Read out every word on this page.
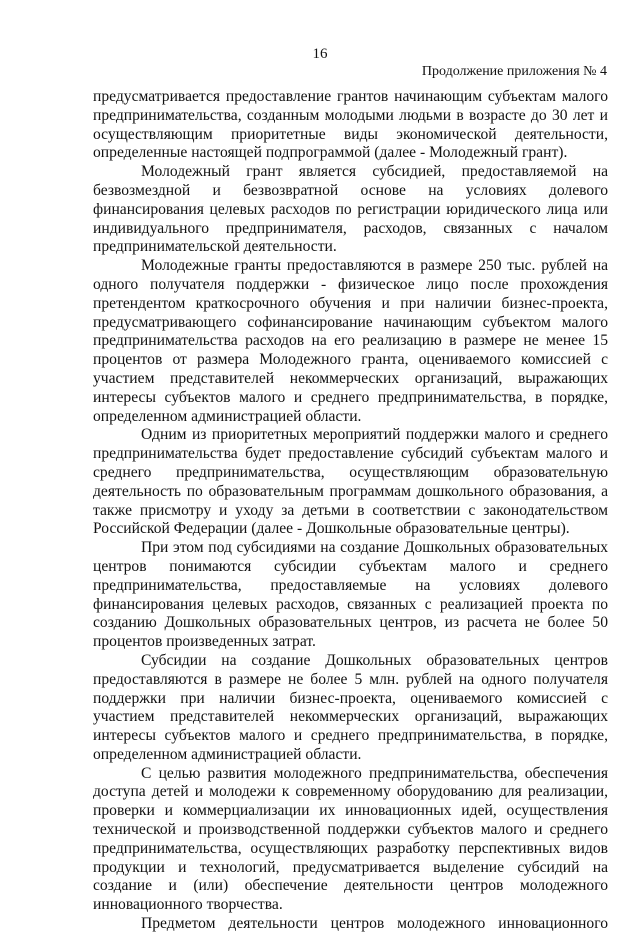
16
Продолжение приложения № 4

предусматривается предоставление грантов начинающим субъектам малого предпринимательства, созданным молодыми людьми в возрасте до 30 лет и осуществляющим приоритетные виды экономической деятельности, определенные настоящей подпрограммой (далее - Молодежный грант).

Молодежный грант является субсидией, предоставляемой на безвозмездной и безвозвратной основе на условиях долевого финансирования целевых расходов по регистрации юридического лица или индивидуального предпринимателя, расходов, связанных с началом предпринимательской деятельности.

Молодежные гранты предоставляются в размере 250 тыс. рублей на одного получателя поддержки - физическое лицо после прохождения претендентом краткосрочного обучения и при наличии бизнес-проекта, предусматривающего софинансирование начинающим субъектом малого предпринимательства расходов на его реализацию в размере не менее 15 процентов от размера Молодежного гранта, оцениваемого комиссией с участием представителей некоммерческих организаций, выражающих интересы субъектов малого и среднего предпринимательства, в порядке, определенном администрацией области.

Одним из приоритетных мероприятий поддержки малого и среднего предпринимательства будет предоставление субсидий субъектам малого и среднего предпринимательства, осуществляющим образовательную деятельность по образовательным программам дошкольного образования, а также присмотру и уходу за детьми в соответствии с законодательством Российской Федерации (далее - Дошкольные образовательные центры).

При этом под субсидиями на создание Дошкольных образовательных центров понимаются субсидии субъектам малого и среднего предпринимательства, предоставляемые на условиях долевого финансирования целевых расходов, связанных с реализацией проекта по созданию Дошкольных образовательных центров, из расчета не более 50 процентов произведенных затрат.

Субсидии на создание Дошкольных образовательных центров предоставляются в размере не более 5 млн. рублей на одного получателя поддержки при наличии бизнес-проекта, оцениваемого комиссией с участием представителей некоммерческих организаций, выражающих интересы субъектов малого и среднего предпринимательства, в порядке, определенном администрацией области.

С целью развития молодежного предпринимательства, обеспечения доступа детей и молодежи к современному оборудованию для реализации, проверки и коммерциализации их инновационных идей, осуществления технической и производственной поддержки субъектов малого и среднего предпринимательства, осуществляющих разработку перспективных видов продукции и технологий, предусматривается выделение субсидий на создание и (или) обеспечение деятельности центров молодежного инновационного творчества.

Предметом деятельности центров молодежного инновационного
